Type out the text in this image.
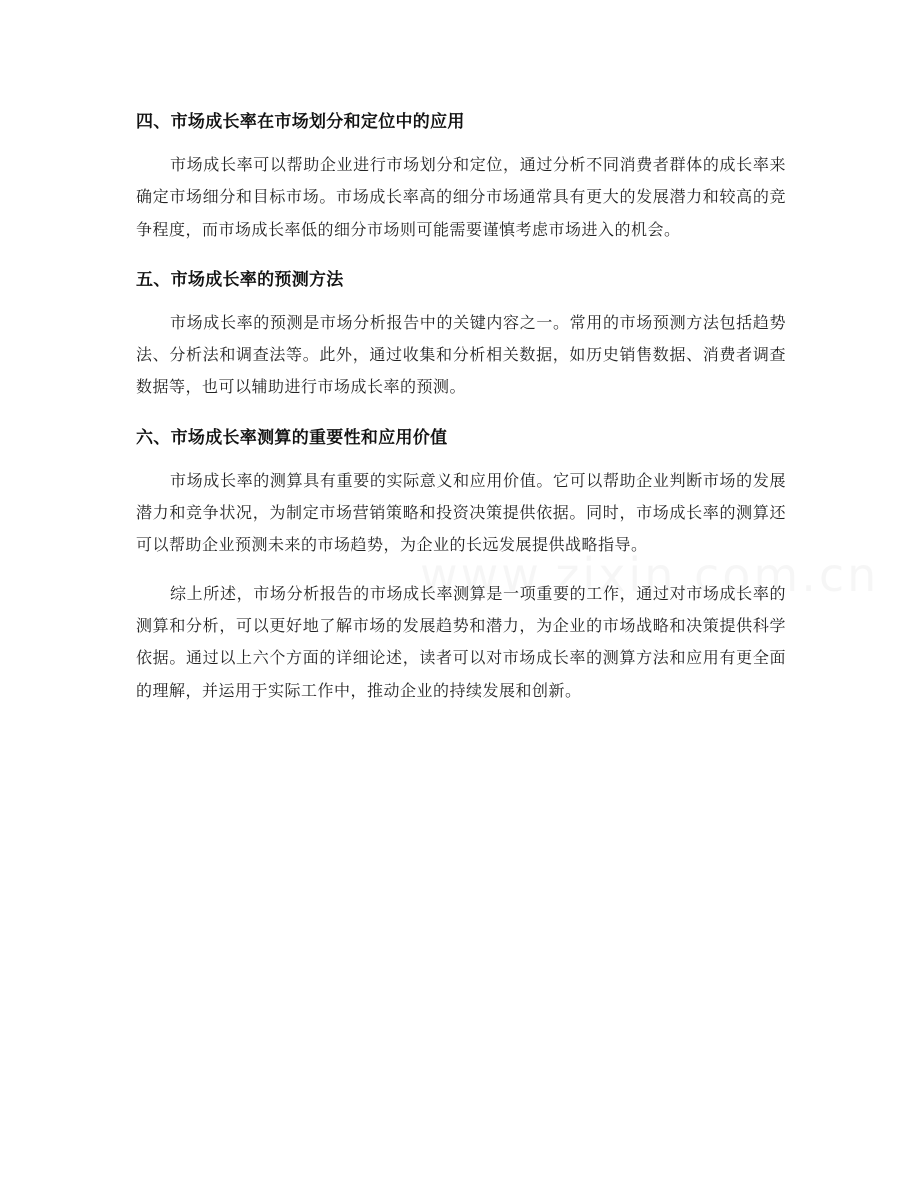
四、市场成长率在市场划分和定位中的应用

市场成长率可以帮助企业进行市场划分和定位，通过分析不同消费者群体的成长率来确定市场细分和目标市场。市场成长率高的细分市场通常具有更大的发展潜力和较高的竞争程度，而市场成长率低的细分市场则可能需要谨慎考虑市场进入的机会。

五、市场成长率的预测方法

市场成长率的预测是市场分析报告中的关键内容之一。常用的市场预测方法包括趋势法、分析法和调查法等。此外，通过收集和分析相关数据，如历史销售数据、消费者调查数据等，也可以辅助进行市场成长率的预测。

六、市场成长率测算的重要性和应用价值

市场成长率的测算具有重要的实际意义和应用价值。它可以帮助企业判断市场的发展潜力和竞争状况，为制定市场营销策略和投资决策提供依据。同时，市场成长率的测算还可以帮助企业预测未来的市场趋势，为企业的长远发展提供战略指导。

综上所述，市场分析报告的市场成长率测算是一项重要的工作，通过对市场成长率的测算和分析，可以更好地了解市场的发展趋势和潜力，为企业的市场战略和决策提供科学依据。通过以上六个方面的详细论述，读者可以对市场成长率的测算方法和应用有更全面的理解，并运用于实际工作中，推动企业的持续发展和创新。
